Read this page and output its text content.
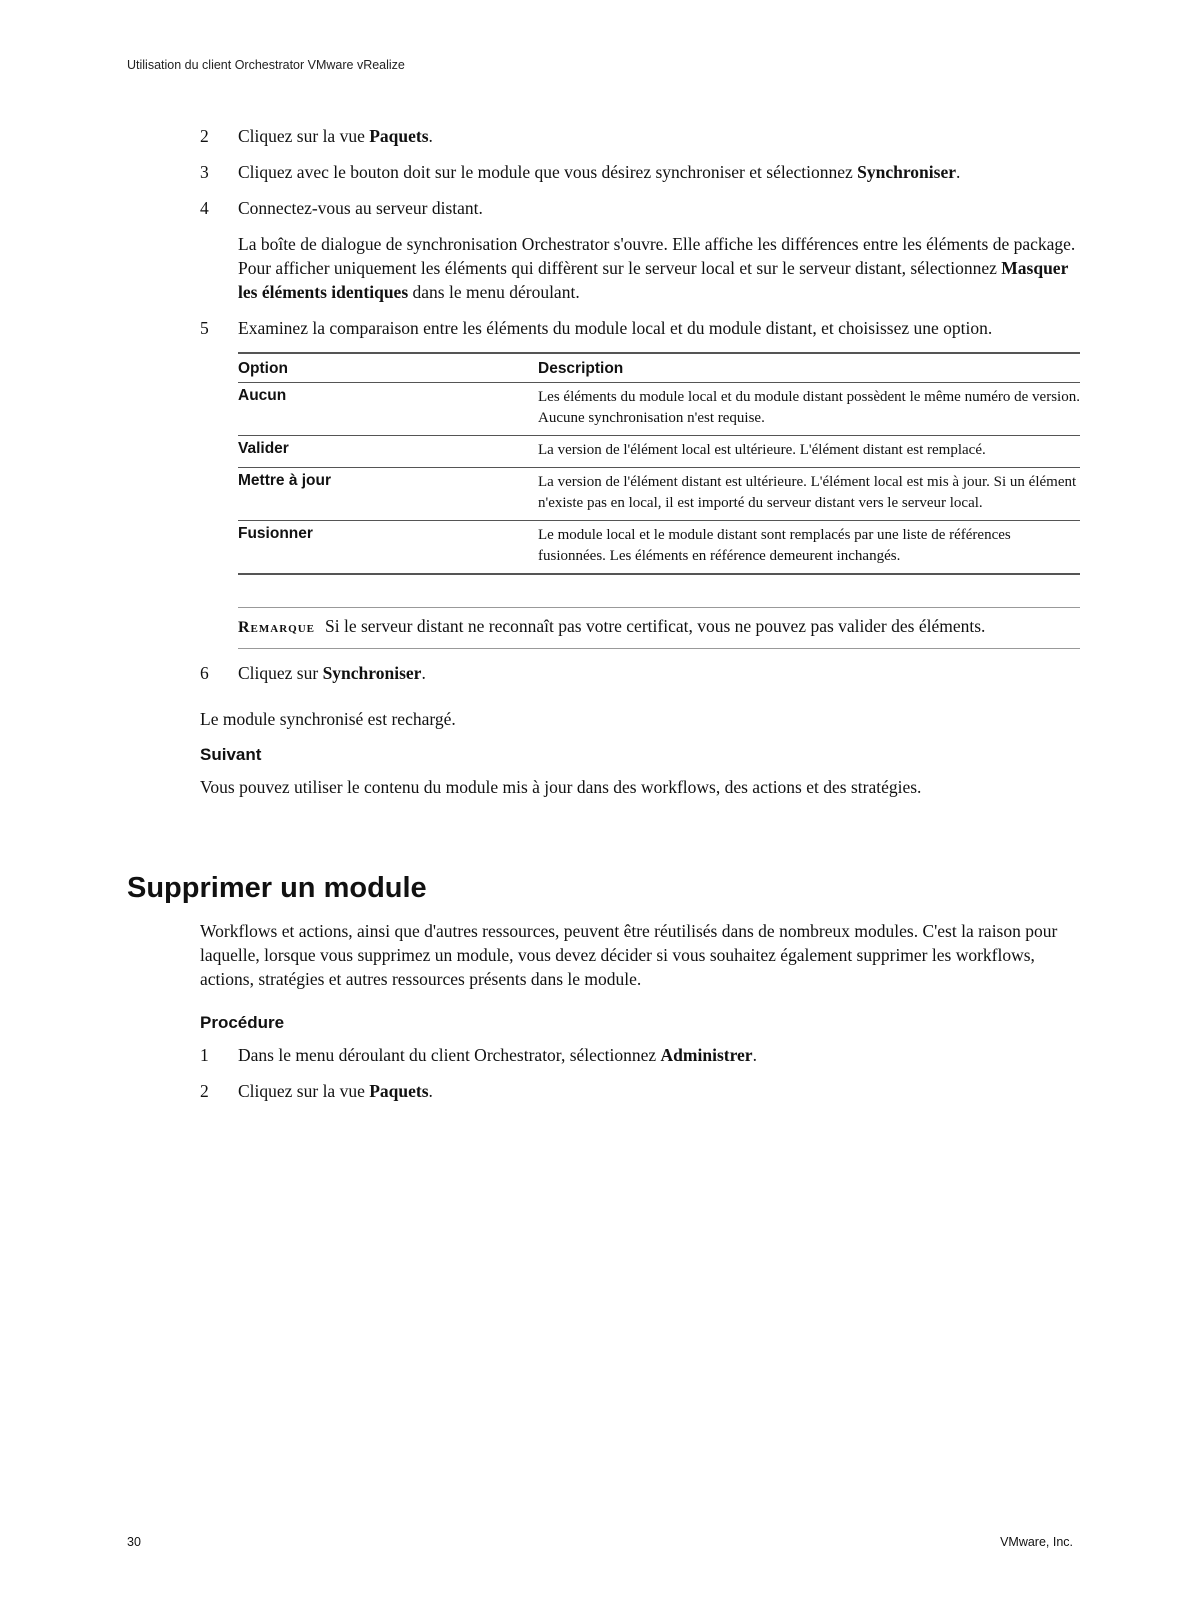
Utilisation du client Orchestrator VMware vRealize
2 Cliquez sur la vue Paquets.
3 Cliquez avec le bouton doit sur le module que vous désirez synchroniser et sélectionnez Synchroniser.
4 Connectez-vous au serveur distant.

La boîte de dialogue de synchronisation Orchestrator s'ouvre. Elle affiche les différences entre les éléments de package. Pour afficher uniquement les éléments qui diffèrent sur le serveur local et sur le serveur distant, sélectionnez Masquer les éléments identiques dans le menu déroulant.

5 Examinez la comparaison entre les éléments du module local et du module distant, et choisissez une option.
Option	Description
Aucun	Les éléments du module local et du module distant possèdent le même numéro de version. Aucune synchronisation n'est requise.
Valider	La version de l'élément local est ultérieure. L'élément distant est remplacé.
Mettre à jour	La version de l'élément distant est ultérieure. L'élément local est mis à jour. Si un élément n'existe pas en local, il est importé du serveur distant vers le serveur local.
Fusionner	Le module local et le module distant sont remplacés par une liste de références fusionnées. Les éléments en référence demeurent inchangés.
Remarque Si le serveur distant ne reconnaît pas votre certificat, vous ne pouvez pas valider des éléments.
6 Cliquez sur Synchroniser.

Le module synchronisé est rechargé.

Suivant

Vous pouvez utiliser le contenu du module mis à jour dans des workflows, des actions et des stratégies.

Supprimer un module

Workflows et actions, ainsi que d'autres ressources, peuvent être réutilisés dans de nombreux modules. C'est la raison pour laquelle, lorsque vous supprimez un module, vous devez décider si vous souhaitez également supprimer les workflows, actions, stratégies et autres ressources présents dans le module.

Procédure
1 Dans le menu déroulant du client Orchestrator, sélectionnez Administrer.
2 Cliquez sur la vue Paquets.
30	VMware, Inc.
